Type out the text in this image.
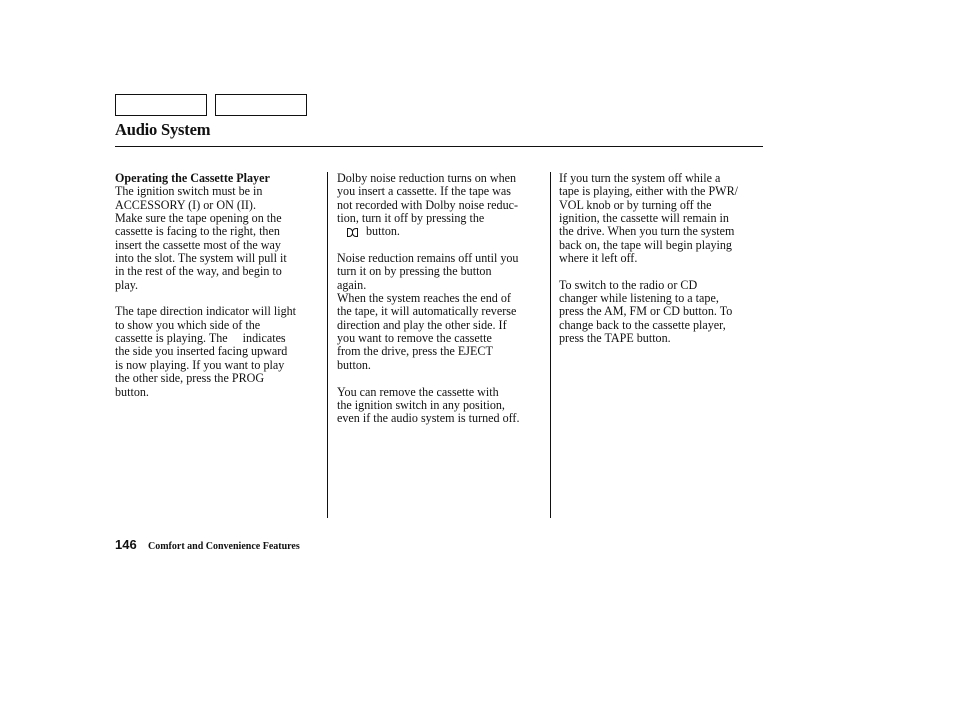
Audio System

Operating the Cassette Player

The ignition switch must be in
ACCESSORY (I) or ON (II).
Make sure the tape opening on the
cassette is facing to the right, then
insert the cassette most of the way
into the slot. The system will pull it
in the rest of the way, and begin to
play.

The tape direction indicator will light
to show you which side of the
cassette is playing. The indicates
the side you inserted facing upward
is now playing. If you want to play
the other side, press the PROG
button.

Dolby noise reduction turns on when
you insert a cassette. If the tape was
not recorded with Dolby noise reduc-
tion, turn it off by pressing the

button.

Noise reduction remains off until you
turn it on by pressing the button
again.
When the system reaches the end of
the tape, it will automatically reverse
direction and play the other side. If
you want to remove the cassette
from the drive, press the EJECT
button.

You can remove the cassette with
the ignition switch in any position,
even if the audio system is turned off.

If you turn the system off while a
tape is playing, either with the PWR/
VOL knob or by turning off the
ignition, the cassette will remain in
the drive. When you turn the system
back on, the tape will begin playing
where it left off.

To switch to the radio or CD
changer while listening to a tape,
press the AM, FM or CD button. To
change back to the cassette player,
press the TAPE button.

146 Comfort and Convenience Features
